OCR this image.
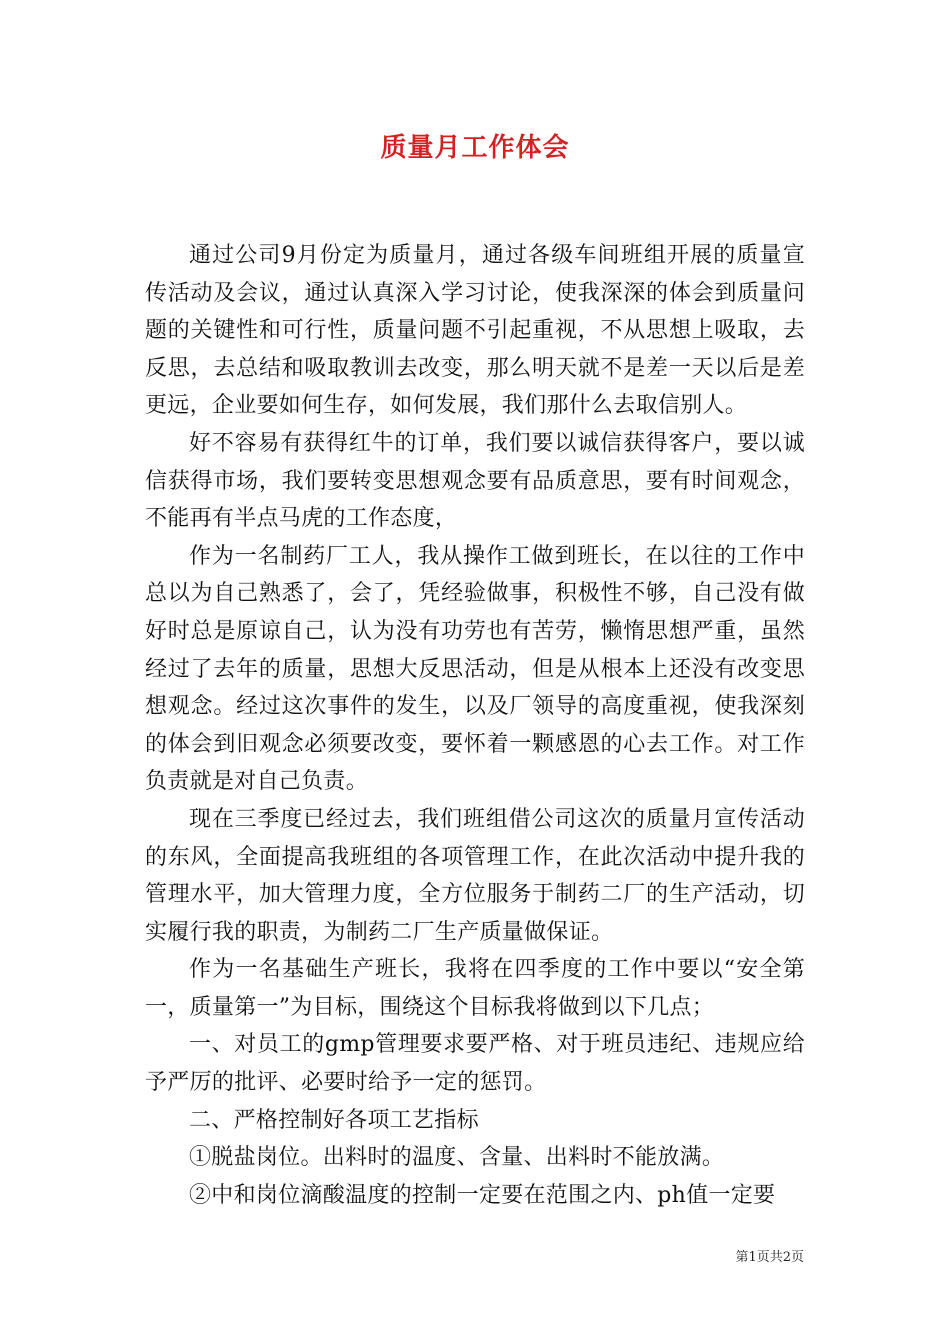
质量月工作体会

通过公司9月份定为质量月，通过各级车间班组开展的质量宣传活动及会议，通过认真深入学习讨论，使我深深的体会到质量问题的关键性和可行性，质量问题不引起重视，不从思想上吸取，去反思，去总结和吸取教训去改变，那么明天就不是差一天以后是差更远，企业要如何生存，如何发展，我们那什么去取信别人。

好不容易有获得红牛的订单，我们要以诚信获得客户，要以诚信获得市场，我们要转变思想观念要有品质意思，要有时间观念，不能再有半点马虎的工作态度，

作为一名制药厂工人，我从操作工做到班长，在以往的工作中总以为自己熟悉了，会了，凭经验做事，积极性不够，自己没有做好时总是原谅自己，认为没有功劳也有苦劳，懒惰思想严重，虽然经过了去年的质量，思想大反思活动，但是从根本上还没有改变思想观念。经过这次事件的发生，以及厂领导的高度重视，使我深刻的体会到旧观念必须要改变，要怀着一颗感恩的心去工作。对工作负责就是对自己负责。

现在三季度已经过去，我们班组借公司这次的质量月宣传活动的东风，全面提高我班组的各项管理工作，在此次活动中提升我的管理水平，加大管理力度，全方位服务于制药二厂的生产活动，切实履行我的职责，为制药二厂生产质量做保证。

作为一名基础生产班长，我将在四季度的工作中要以“安全第一，质量第一”为目标，围绕这个目标我将做到以下几点；

一、对员工的gmp管理要求要严格、对于班员违纪、违规应给予严厉的批评、必要时给予一定的惩罚。

二、严格控制好各项工艺指标

①脱盐岗位。出料时的温度、含量、出料时不能放满。

②中和岗位滴酸温度的控制一定要在范围之内、ph值一定要

第1页共2页
